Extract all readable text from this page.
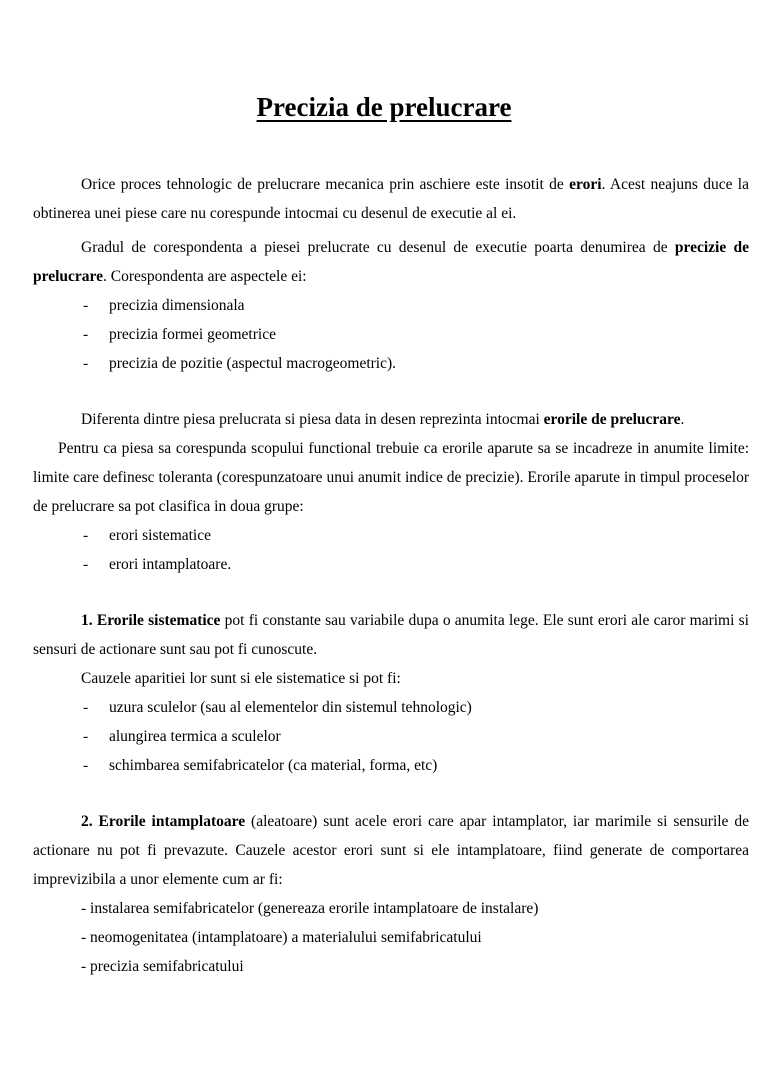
Precizia de prelucrare

Orice proces tehnologic de prelucrare mecanica prin aschiere este insotit de erori. Acest neajuns duce la obtinerea unei piese care nu corespunde intocmai cu desenul de executie al ei.

Gradul de corespondenta a piesei prelucrate cu desenul de executie poarta denumirea de precizie de prelucrare. Corespondenta are aspectele ei:

-	precizia dimensionala
-	precizia formei geometrice
-	precizia de pozitie (aspectul macrogeometric).

Diferenta dintre piesa prelucrata si piesa data in desen reprezinta intocmai erorile de prelucrare.

Pentru ca piesa sa corespunda scopului functional trebuie ca erorile aparute sa se incadreze in anumite limite: limite care definesc toleranta (corespunzatoare unui anumit indice de precizie). Erorile aparute in timpul proceselor de prelucrare sa pot clasifica in doua grupe:

-	erori sistematice
-	erori intamplatoare.

1. Erorile sistematice pot fi constante sau variabile dupa o anumita lege. Ele sunt erori ale caror marimi si sensuri de actionare sunt sau pot fi cunoscute.

Cauzele aparitiei lor sunt si ele sistematice si pot fi:

-	uzura sculelor (sau al elementelor din sistemul tehnologic)
-	alungirea termica a sculelor
-	schimbarea semifabricatelor (ca material, forma, etc)

2. Erorile intamplatoare (aleatoare) sunt acele erori care apar intamplator, iar marimile si sensurile de actionare nu pot fi prevazute. Cauzele acestor erori sunt si ele intamplatoare, fiind generate de comportarea imprevizibila a unor elemente cum ar fi:

- instalarea semifabricatelor (genereaza erorile intamplatoare de instalare)

- neomogenitatea (intamplatoare) a materialului semifabricatului

- precizia semifabricatului
